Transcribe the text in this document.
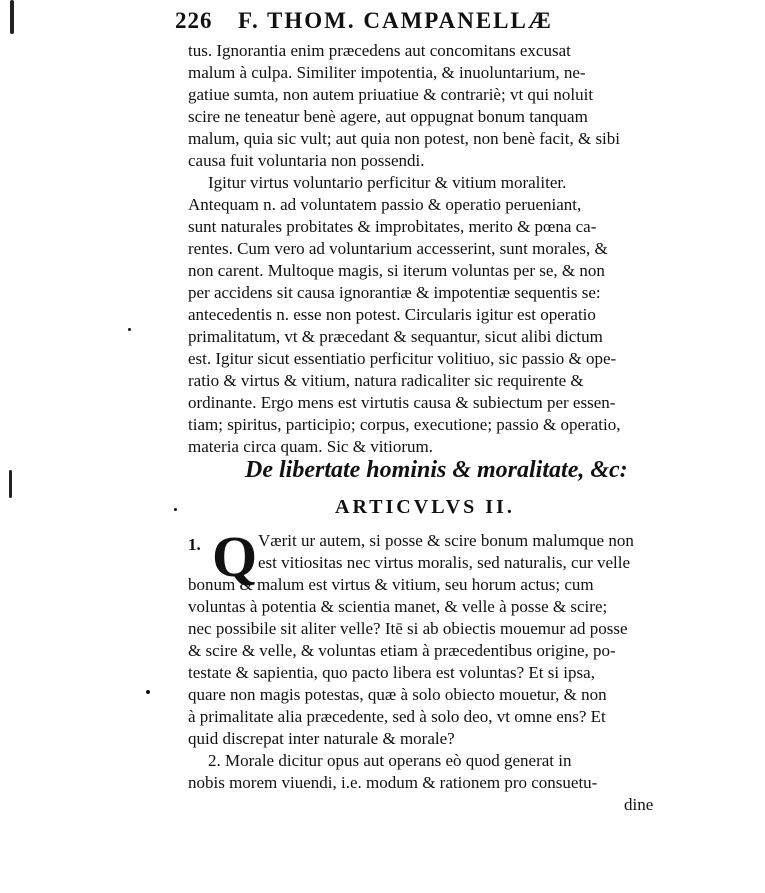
226 F. THOM. CAMPANELLÆ
tus. Ignorantia enim præcedens aut concomitans excusat
malum à culpa. Similiter impotentia, & inuoluntarium, ne-
gatiue sumta, non autem priuatiue & contrariè; vt qui noluit
scire ne teneatur benè agere, aut oppugnat bonum tanquam
malum, quia sic vult; aut quia non potest, non benè facit, & sibi
causa fuit voluntaria non possendi.
Igitur virtus voluntario perficitur & vitium moraliter.
Antequam n. ad voluntatem passio & operatio perueniant,
sunt naturales probitates & improbitates, merito & pœna ca-
rentes. Cum vero ad voluntarium accesserint, sunt morales, &
non carent. Multoque magis, si iterum voluntas per se, & non
per accidens sit causa ignorantiæ & impotentiæ sequentis se:
antecedentis n. esse non potest. Circularis igitur est operatio
primalitatum, vt & præcedant & sequantur, sicut alibi dictum
est. Igitur sicut essentiatio perficitur volitiuo, sic passio & ope-
ratio & virtus & vitium, natura radicaliter sic requirente &
ordinante. Ergo mens est virtutis causa & subiectum per essen-
tiam; spiritus, participio; corpus, executione; passio & operatio,
materia circa quam. Sic & vitiorum.
De libertate hominis & moralitate, &c:
ARTICVLVS II.
1. Q Værit ur autem, si posse & scire bonum malumque non
est vitiositas nec virtus moralis, sed naturalis, cur velle
bonum & malum est virtus & vitium, seu horum actus; cum
voluntas à potentia & scientia manet, & velle à posse & scire;
nec possibile sit aliter velle? Itē si ab obiectis mouemur ad posse
& scire & velle, & voluntas etiam à præcedentibus origine, po-
testate & sapientia, quo pacto libera est voluntas? Et si ipsa,
quare non magis potestas, quæ à solo obiecto mouetur, & non
à primalitate alia præcedente, sed à solo deo, vt omne ens? Et
quid discrepat inter naturale & morale?
2. Morale dicitur opus aut operans eò quod generat in
nobis morem viuendi, i.e. modum & rationem pro consuetu-
dine
